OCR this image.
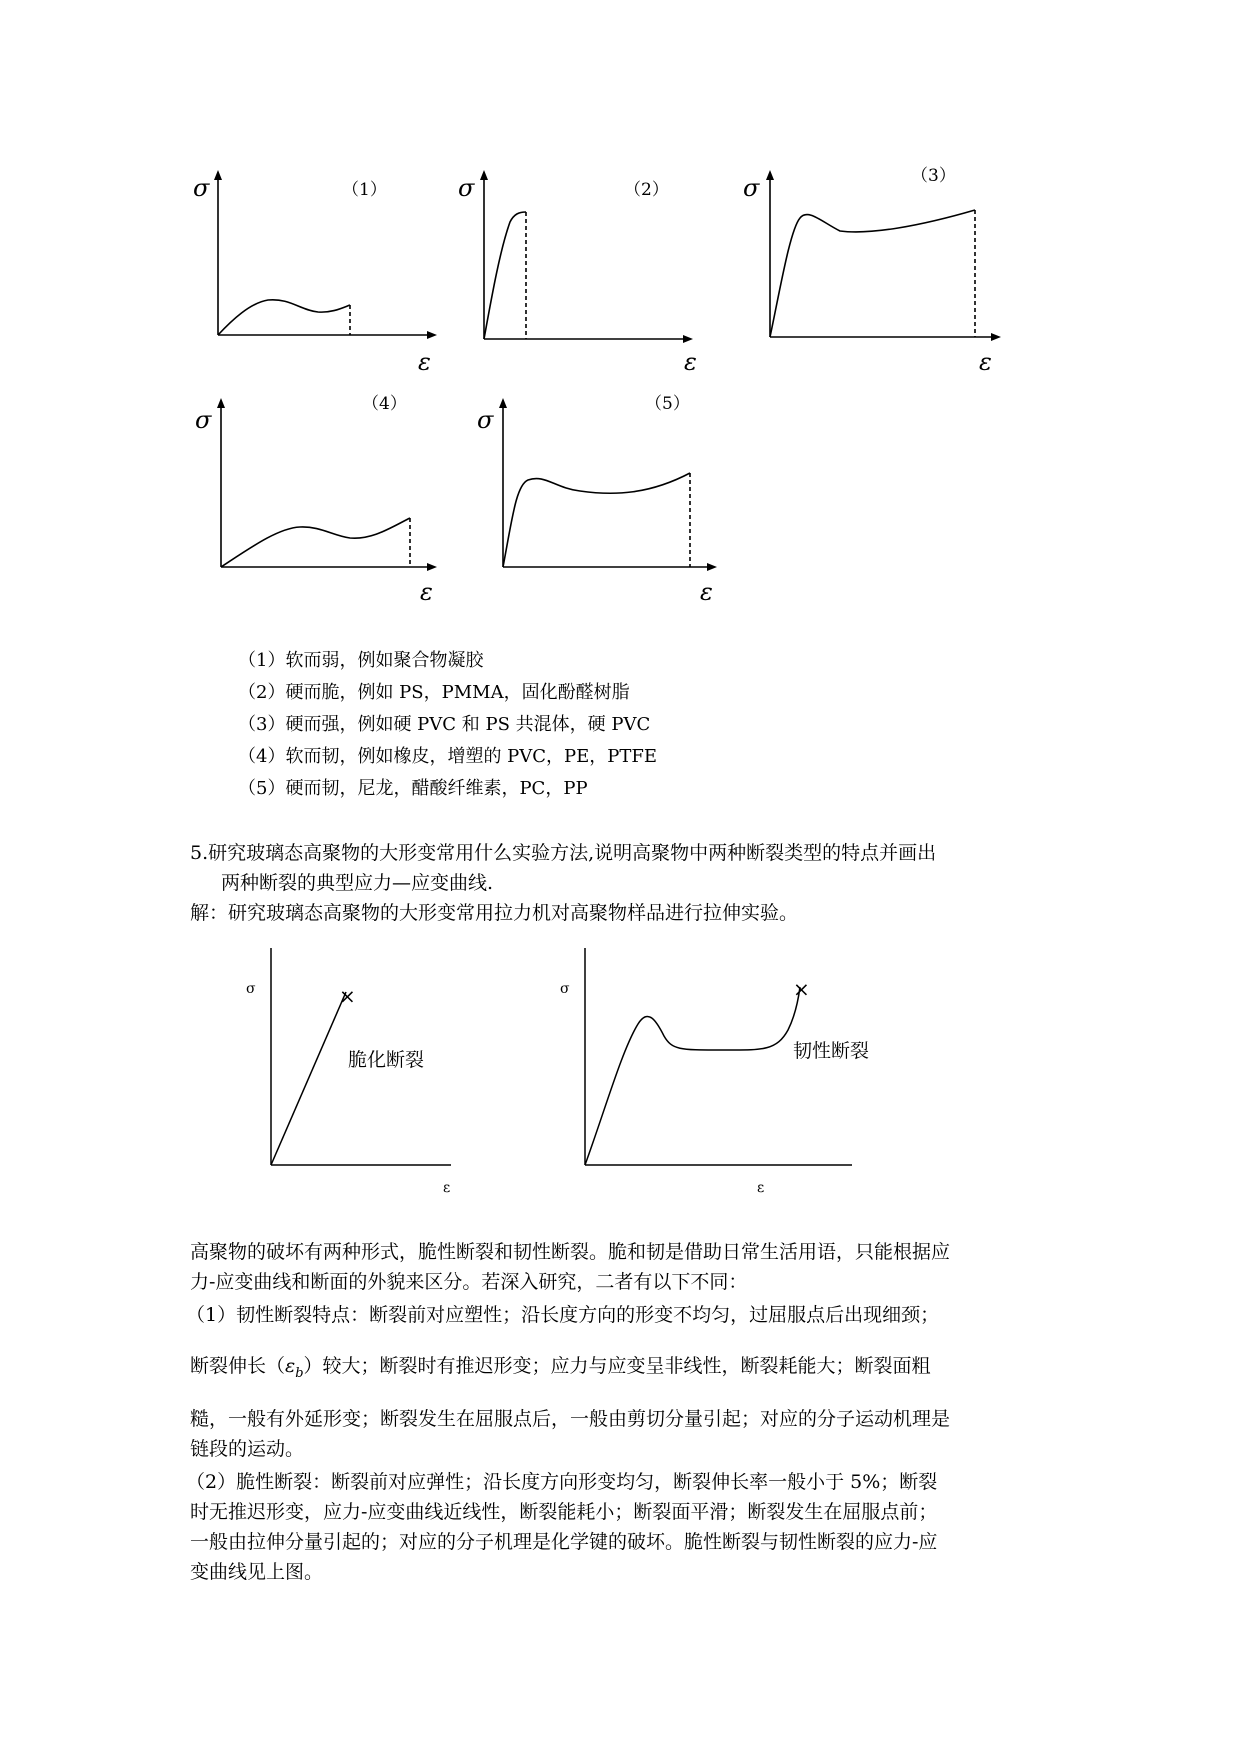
σ
ε
（1）	σ
ε
（2）	σ
ε
（3）
σ
ε
（4）
σ
ε
（5）
（1）软而弱，例如聚合物凝胶
（2）硬而脆，例如 PS，PMMA，固化酚醛树脂
（3）硬而强，例如硬 PVC 和 PS 共混体，硬 PVC
（4）软而韧，例如橡皮，增塑的 PVC，PE，PTFE
（5）硬而韧，尼龙，醋酸纤维素，PC，PP
5.研究玻璃态高聚物的大形变常用什么实验方法,说明高聚物中两种断裂类型的特点并画出
两种断裂的典型应力—应变曲线.
解：研究玻璃态高聚物的大形变常用拉力机对高聚物样品进行拉伸实验。
σ
ε
×
脆化断裂
σ
ε
×
韧性断裂
高聚物的破坏有两种形式，脆性断裂和韧性断裂。脆和韧是借助日常生活用语，只能根据应
力-应变曲线和断面的外貌来区分。若深入研究，二者有以下不同：
（1）韧性断裂特点：断裂前对应塑性；沿长度方向的形变不均匀，过屈服点后出现细颈；
断裂伸长$(\varepsilon_b)$较大；断裂时有推迟形变；应力与应变呈非线性，断裂耗能大；断裂面粗
糙，一般有外延形变；断裂发生在屈服点后，一般由剪切分量引起；对应的分子运动机理是
链段的运动。
（2）脆性断裂：断裂前对应弹性；沿长度方向形变均匀，断裂伸长率一般小于 5%；断裂
时无推迟形变，应力-应变曲线近线性，断裂能耗小；断裂面平滑；断裂发生在屈服点前；
一般由拉伸分量引起的；对应的分子机理是化学键的破坏。脆性断裂与韧性断裂的应力-应
变曲线见上图。
